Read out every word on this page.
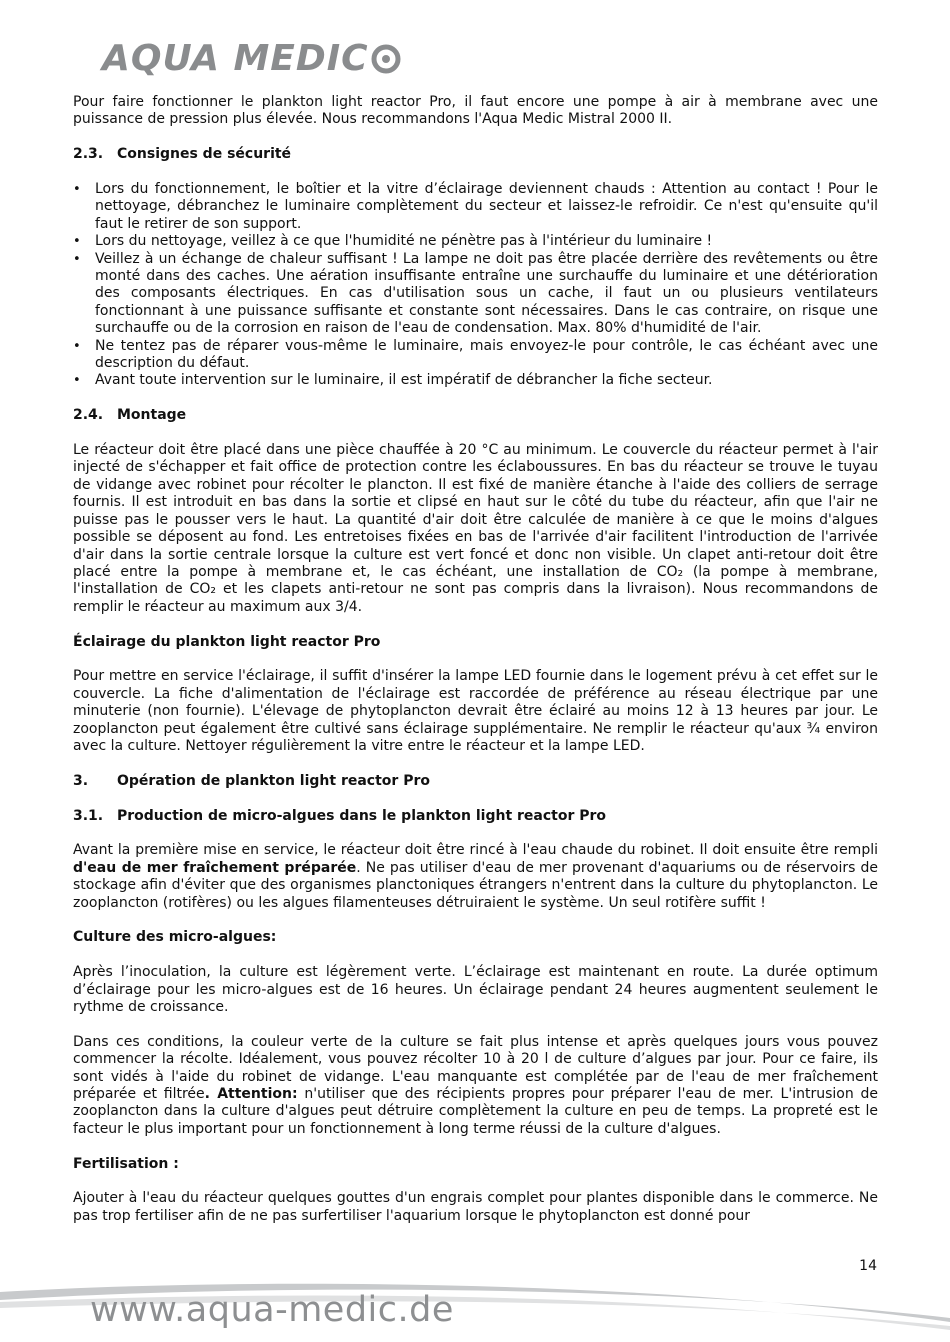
AQUA MEDIC

Pour faire fonctionner le plankton light reactor Pro, il faut encore une pompe à air à membrane avec une puissance de pression plus élevée. Nous recommandons l'Aqua Medic Mistral 2000 II.

2.3. Consignes de sécurité
• Lors du fonctionnement, le boîtier et la vitre d’éclairage deviennent chauds : Attention au contact ! Pour le nettoyage, débranchez le luminaire complètement du secteur et laissez-le refroidir. Ce n'est qu'ensuite qu'il faut le retirer de son support.
• Lors du nettoyage, veillez à ce que l'humidité ne pénètre pas à l'intérieur du luminaire !
• Veillez à un échange de chaleur suffisant ! La lampe ne doit pas être placée derrière des revêtements ou être monté dans des caches. Une aération insuffisante entraîne une surchauffe du luminaire et une détérioration des composants électriques. En cas d'utilisation sous un cache, il faut un ou plusieurs ventilateurs fonctionnant à une puissance suffisante et constante sont nécessaires. Dans le cas contraire, on risque une surchauffe ou de la corrosion en raison de l'eau de condensation. Max. 80% d'humidité de l'air.
• Ne tentez pas de réparer vous-même le luminaire, mais envoyez-le pour contrôle, le cas échéant avec une description du défaut.
• Avant toute intervention sur le luminaire, il est impératif de débrancher la fiche secteur.
2.4. Montage

Le réacteur doit être placé dans une pièce chauffée à 20 °C au minimum. Le couvercle du réacteur permet à l'air injecté de s'échapper et fait office de protection contre les éclaboussures. En bas du réacteur se trouve le tuyau de vidange avec robinet pour récolter le plancton. Il est fixé de manière étanche à l'aide des colliers de serrage fournis. Il est introduit en bas dans la sortie et clipsé en haut sur le côté du tube du réacteur, afin que l'air ne puisse pas le pousser vers le haut. La quantité d'air doit être calculée de manière à ce que le moins d'algues possible se déposent au fond. Les entretoises fixées en bas de l'arrivée d'air facilitent l'introduction de l'arrivée d'air dans la sortie centrale lorsque la culture est vert foncé et donc non visible. Un clapet anti-retour doit être placé entre la pompe à membrane et, le cas échéant, une installation de CO₂ (la pompe à membrane, l'installation de CO₂ et les clapets anti-retour ne sont pas compris dans la livraison). Nous recommandons de remplir le réacteur au maximum aux 3/4.

Éclairage du plankton light reactor Pro

Pour mettre en service l'éclairage, il suffit d'insérer la lampe LED fournie dans le logement prévu à cet effet sur le couvercle. La fiche d'alimentation de l'éclairage est raccordée de préférence au réseau électrique par une minuterie (non fournie). L'élevage de phytoplancton devrait être éclairé au moins 12 à 13 heures par jour. Le zooplancton peut également être cultivé sans éclairage supplémentaire. Ne remplir le réacteur qu'aux ¾ environ avec la culture. Nettoyer régulièrement la vitre entre le réacteur et la lampe LED.

3. Opération de plankton light reactor Pro
3.1. Production de micro-algues dans le plankton light reactor Pro

Avant la première mise en service, le réacteur doit être rincé à l'eau chaude du robinet. Il doit ensuite être rempli d'eau de mer fraîchement préparée. Ne pas utiliser d'eau de mer provenant d'aquariums ou de réservoirs de stockage afin d'éviter que des organismes planctoniques étrangers n'entrent dans la culture du phytoplancton. Le zooplancton (rotifères) ou les algues filamenteuses détruiraient le système. Un seul rotifère suffit !

Culture des micro-algues:

Après l’inoculation, la culture est légèrement verte. L’éclairage est maintenant en route. La durée optimum d’éclairage pour les micro-algues est de 16 heures. Un éclairage pendant 24 heures augmentent seulement le rythme de croissance.

Dans ces conditions, la couleur verte de la culture se fait plus intense et après quelques jours vous pouvez commencer la récolte. Idéalement, vous pouvez récolter 10 à 20 l de culture d’algues par jour. Pour ce faire, ils sont vidés à l'aide du robinet de vidange. L'eau manquante est complétée par de l'eau de mer fraîchement préparée et filtrée. Attention: n'utiliser que des récipients propres pour préparer l'eau de mer. L'intrusion de zooplancton dans la culture d'algues peut détruire complètement la culture en peu de temps. La propreté est le facteur le plus important pour un fonctionnement à long terme réussi de la culture d'algues.

Fertilisation :

Ajouter à l'eau du réacteur quelques gouttes d'un engrais complet pour plantes disponible dans le commerce. Ne pas trop fertiliser afin de ne pas surfertiliser l'aquarium lorsque le phytoplancton est donné pour

14
www.aqua-medic.de
